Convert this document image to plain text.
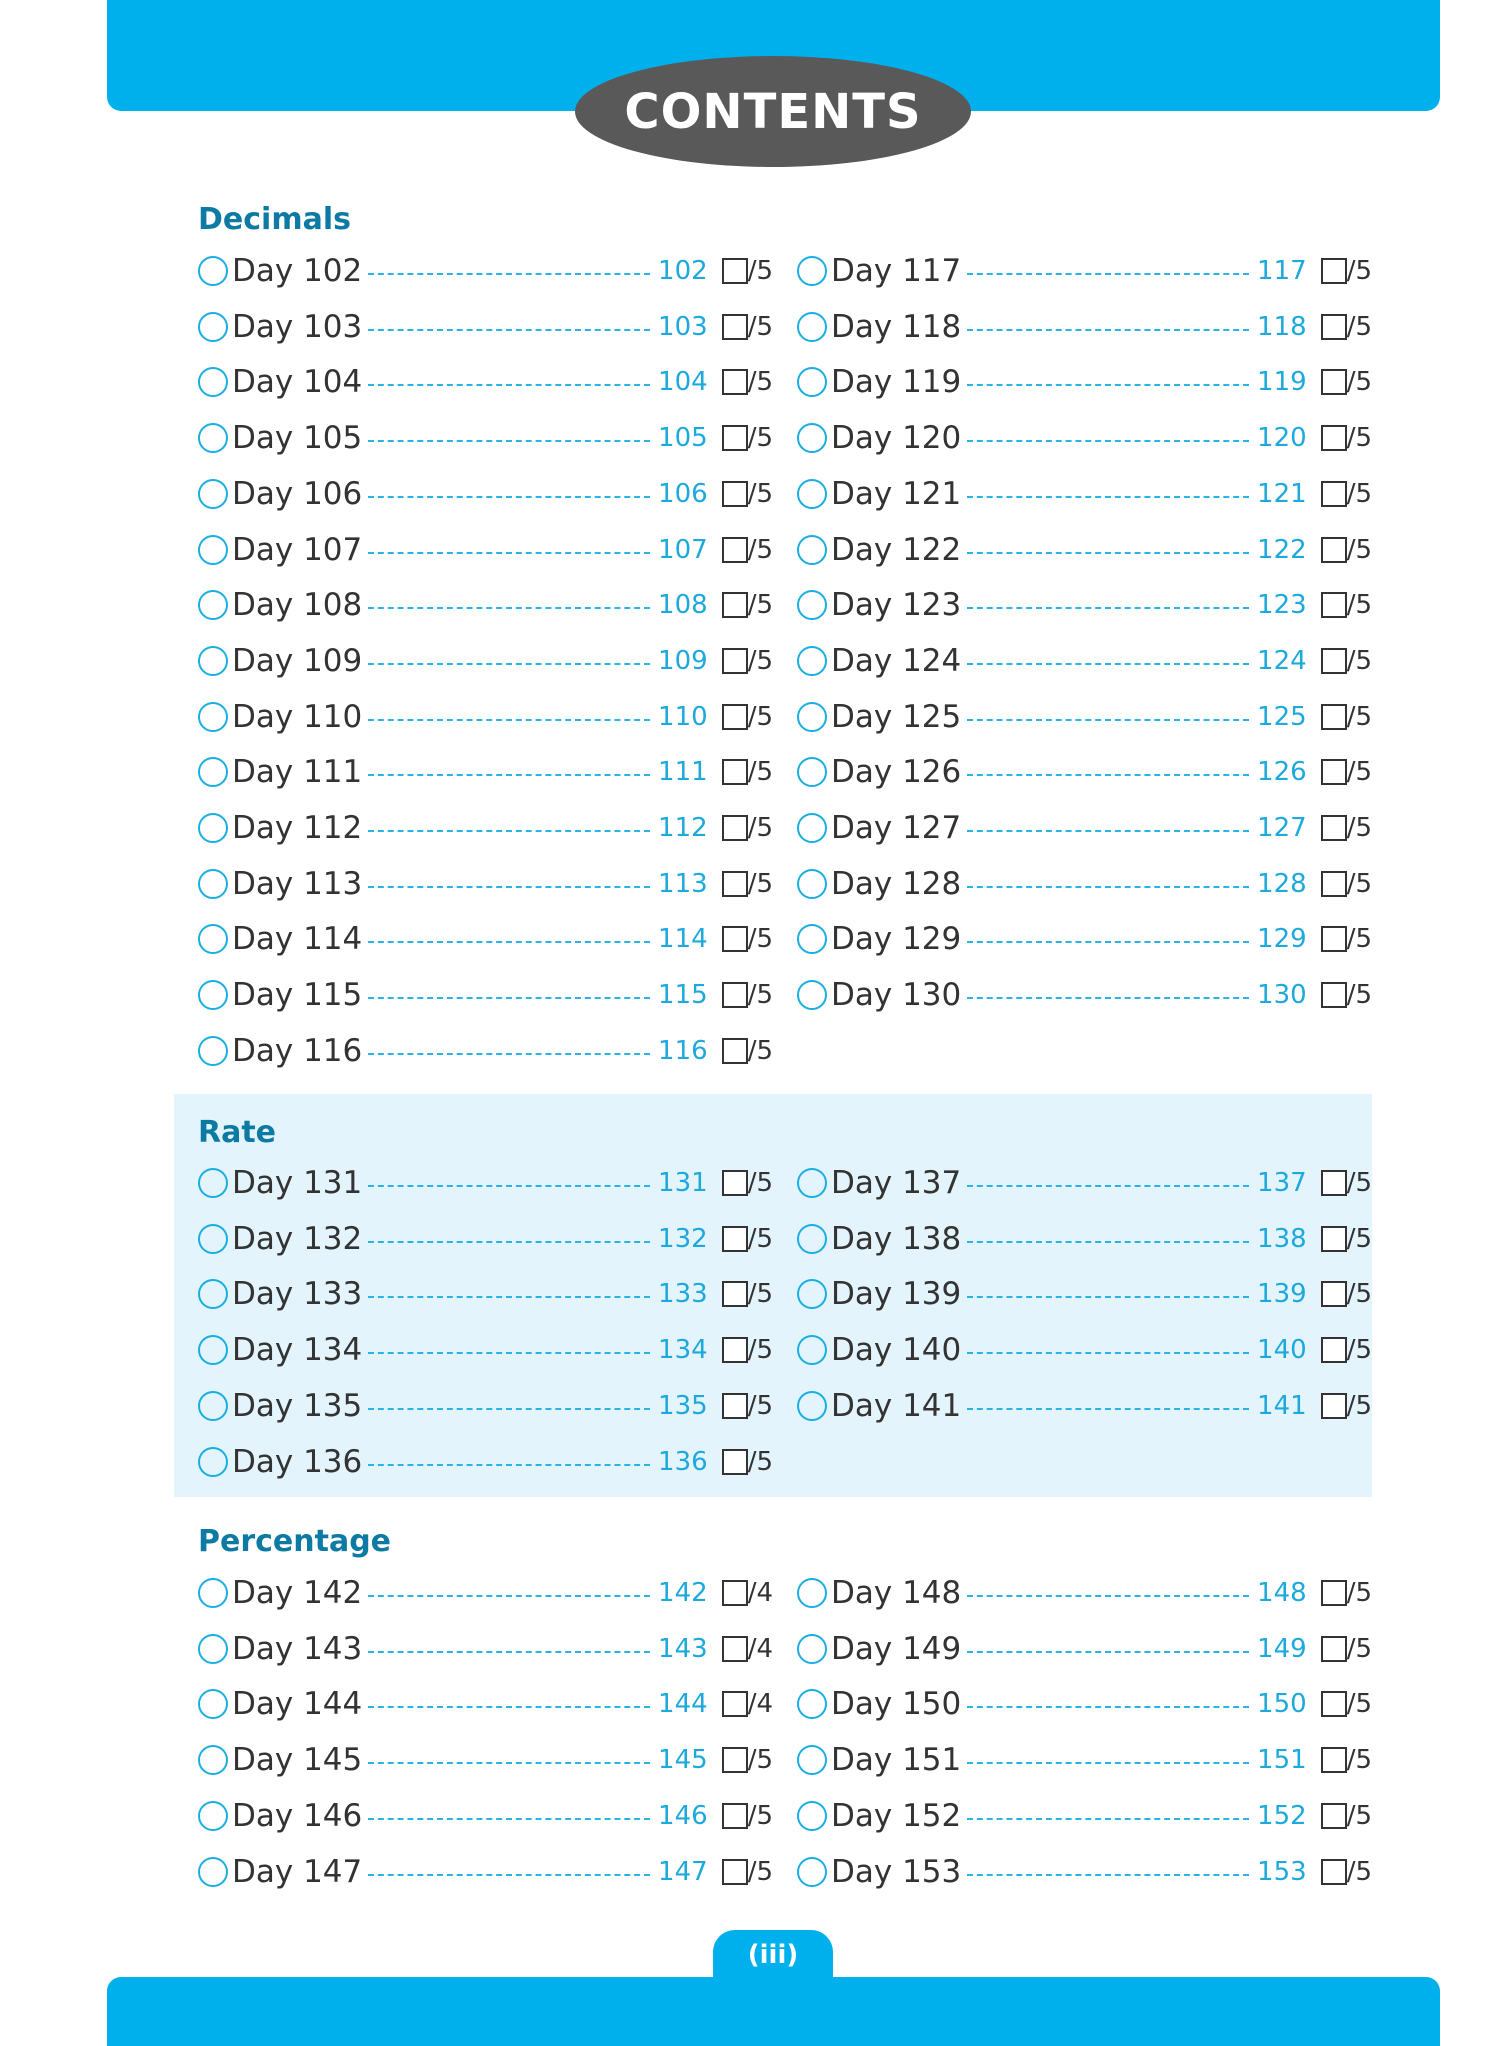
CONTENTS
Decimals
Rate
Percentage
Day 102	102 /5
Day 103	103 /5
Day 104	104 /5
Day 105	105 /5
Day 106	106 /5
Day 107	107 /5
Day 108	108 /5
Day 109	109 /5
Day 110	110 /5
Day 111	111 /5
Day 112	112 /5
Day 113	113 /5
Day 114	114 /5
Day 115	115 /5
Day 116	116 /5
Day 117	117 /5
Day 118	118 /5
Day 119	119 /5
Day 120	120 /5
Day 121	121 /5
Day 122	122 /5
Day 123	123 /5
Day 124	124 /5
Day 125	125 /5
Day 126	126 /5
Day 127	127 /5
Day 128	128 /5
Day 129	129 /5
Day 130	130 /5
Day 131	131 /5
Day 132	132 /5
Day 133	133 /5
Day 134	134 /5
Day 135	135 /5
Day 136	136 /5
Day 137	137 /5
Day 138	138 /5
Day 139	139 /5
Day 140	140 /5
Day 141	141 /5
Day 142	142 /4
Day 143	143 /4
Day 144	144 /4
Day 145	145 /5
Day 146	146 /5
Day 147	147 /5
Day 148	148 /5
Day 149	149 /5
Day 150	150 /5
Day 151	151 /5
Day 152	152 /5
Day 153	153 /5
(iii)
